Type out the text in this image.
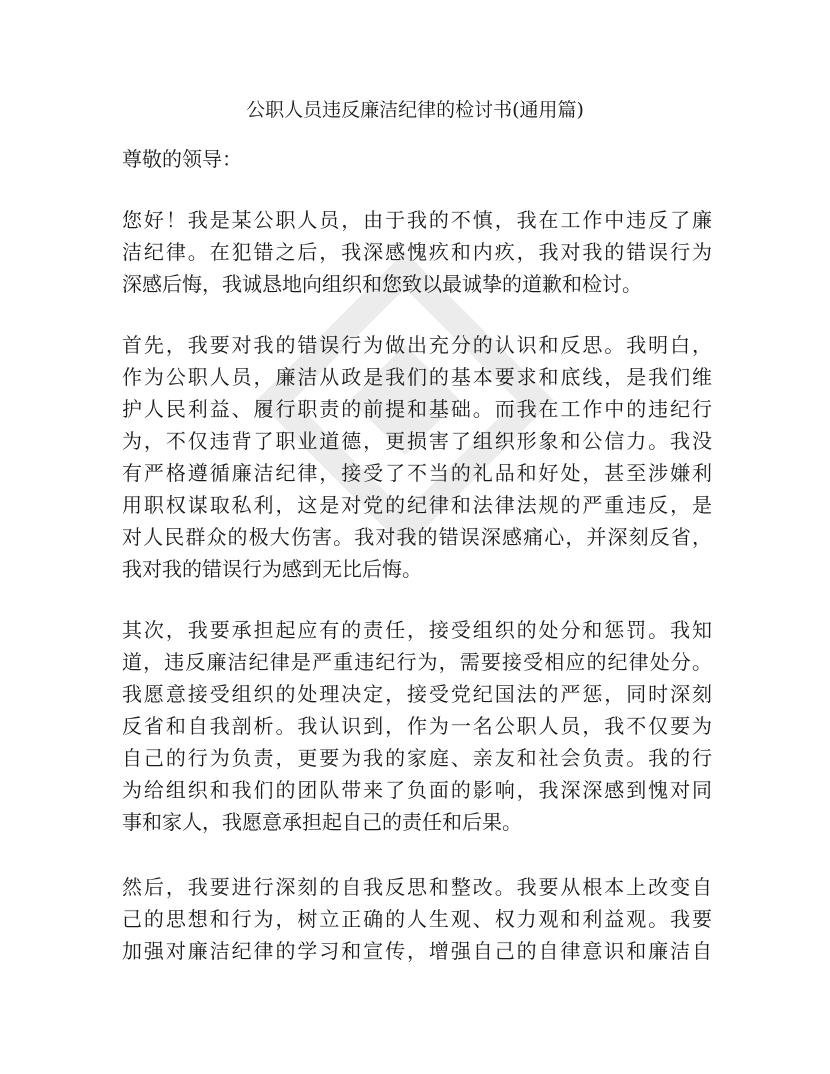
公职人员违反廉洁纪律的检讨书(通用篇)
尊敬的领导：
您好！我是某公职人员，由于我的不慎，我在工作中违反了廉
洁纪律。在犯错之后，我深感愧疚和内疚，我对我的错误行为
深感后悔，我诚恳地向组织和您致以最诚挚的道歉和检讨。
首先，我要对我的错误行为做出充分的认识和反思。我明白，
作为公职人员，廉洁从政是我们的基本要求和底线，是我们维
护人民利益、履行职责的前提和基础。而我在工作中的违纪行
为，不仅违背了职业道德，更损害了组织形象和公信力。我没
有严格遵循廉洁纪律，接受了不当的礼品和好处，甚至涉嫌利
用职权谋取私利，这是对党的纪律和法律法规的严重违反，是
对人民群众的极大伤害。我对我的错误深感痛心，并深刻反省，
我对我的错误行为感到无比后悔。
其次，我要承担起应有的责任，接受组织的处分和惩罚。我知
道，违反廉洁纪律是严重违纪行为，需要接受相应的纪律处分。
我愿意接受组织的处理决定，接受党纪国法的严惩，同时深刻
反省和自我剖析。我认识到，作为一名公职人员，我不仅要为
自己的行为负责，更要为我的家庭、亲友和社会负责。我的行
为给组织和我们的团队带来了负面的影响，我深深感到愧对同
事和家人，我愿意承担起自己的责任和后果。
然后，我要进行深刻的自我反思和整改。我要从根本上改变自
己的思想和行为，树立正确的人生观、权力观和利益观。我要
加强对廉洁纪律的学习和宣传，增强自己的自律意识和廉洁自
